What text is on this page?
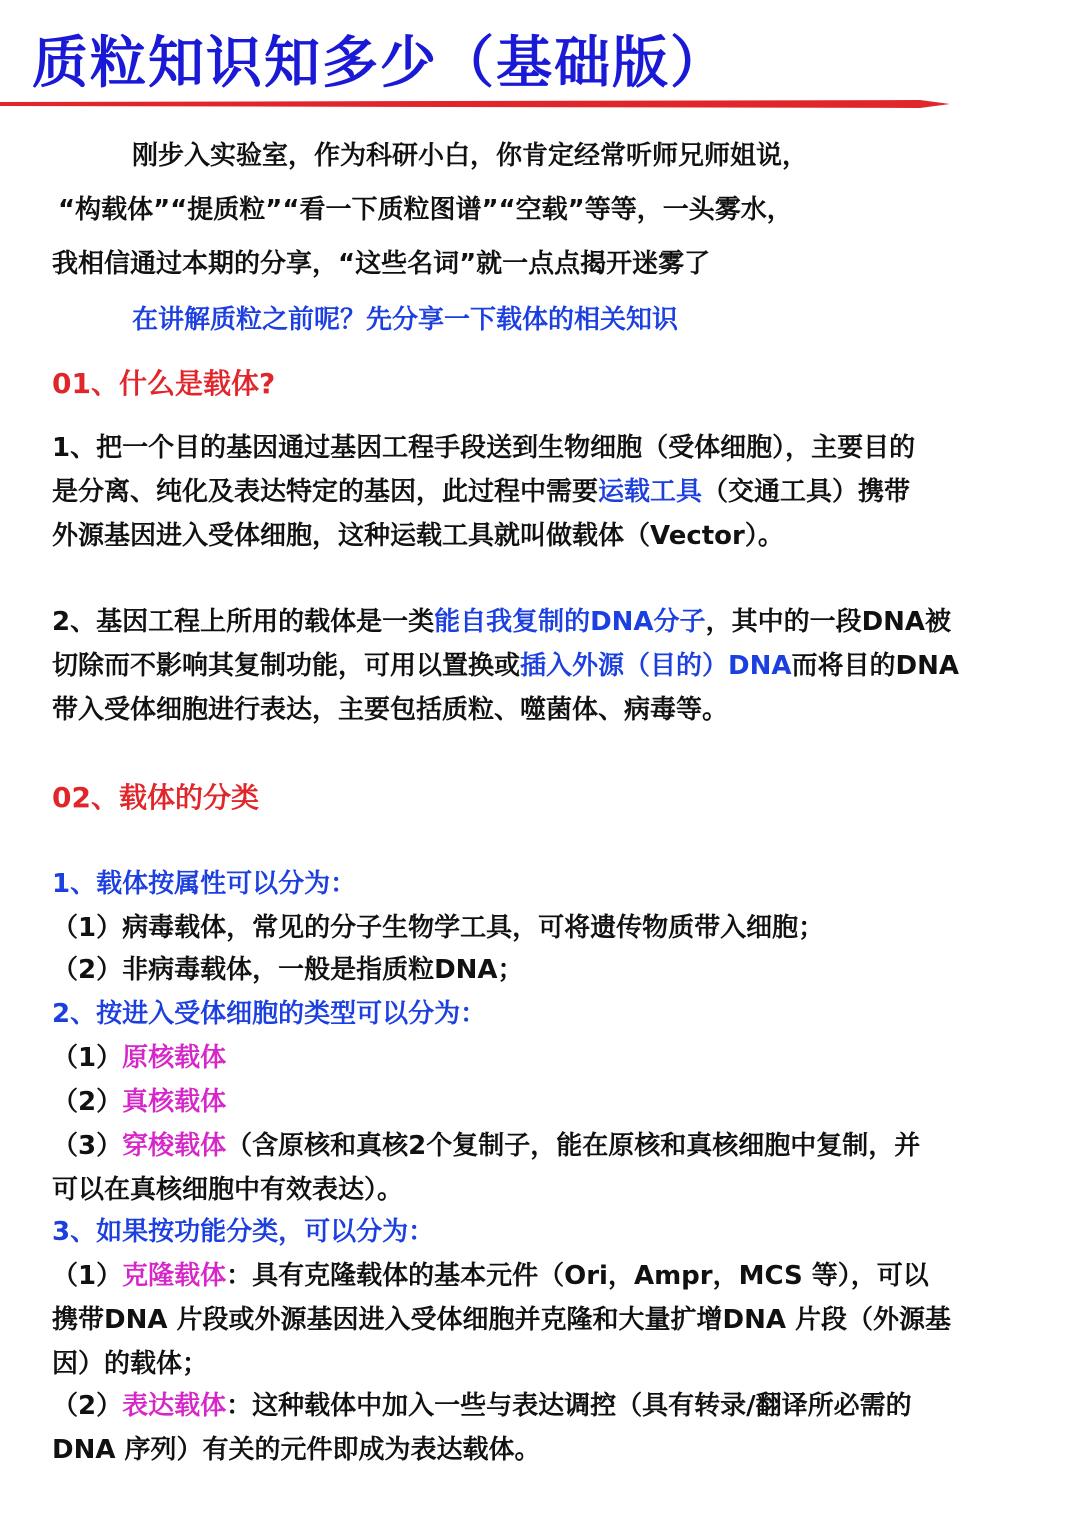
质粒知识知多少（基础版）
刚步入实验室，作为科研小白，你肯定经常听师兄师姐说，
“构载体”“提质粒”“看一下质粒图谱”“空载”等等，一头雾水，
我相信通过本期的分享，“这些名词”就一点点揭开迷雾了
在讲解质粒之前呢？先分享一下载体的相关知识
01、什么是载体?
1、把一个目的基因通过基因工程手段送到生物细胞（受体细胞），主要目的
是分离、纯化及表达特定的基因，此过程中需要运载工具（交通工具）携带
外源基因进入受体细胞，这种运载工具就叫做载体（Vector）。
2、基因工程上所用的载体是一类能自我复制的DNA分子，其中的一段DNA被
切除而不影响其复制功能，可用以置换或插入外源（目的）DNA而将目的DNA
带入受体细胞进行表达，主要包括质粒、噬菌体、病毒等。
02、载体的分类
1、载体按属性可以分为：
（1）病毒载体，常见的分子生物学工具，可将遗传物质带入细胞；
（2）非病毒载体，一般是指质粒DNA；
2、按进入受体细胞的类型可以分为：
（1）原核载体
（2）真核载体
（3）穿梭载体（含原核和真核2个复制子，能在原核和真核细胞中复制，并
可以在真核细胞中有效表达）。
3、如果按功能分类，可以分为：
（1）克隆载体：具有克隆载体的基本元件（Ori，Ampr，MCS 等），可以
携带DNA 片段或外源基因进入受体细胞并克隆和大量扩增DNA 片段（外源基
因）的载体；
（2）表达载体：这种载体中加入一些与表达调控（具有转录/翻译所必需的
DNA 序列）有关的元件即成为表达载体。
